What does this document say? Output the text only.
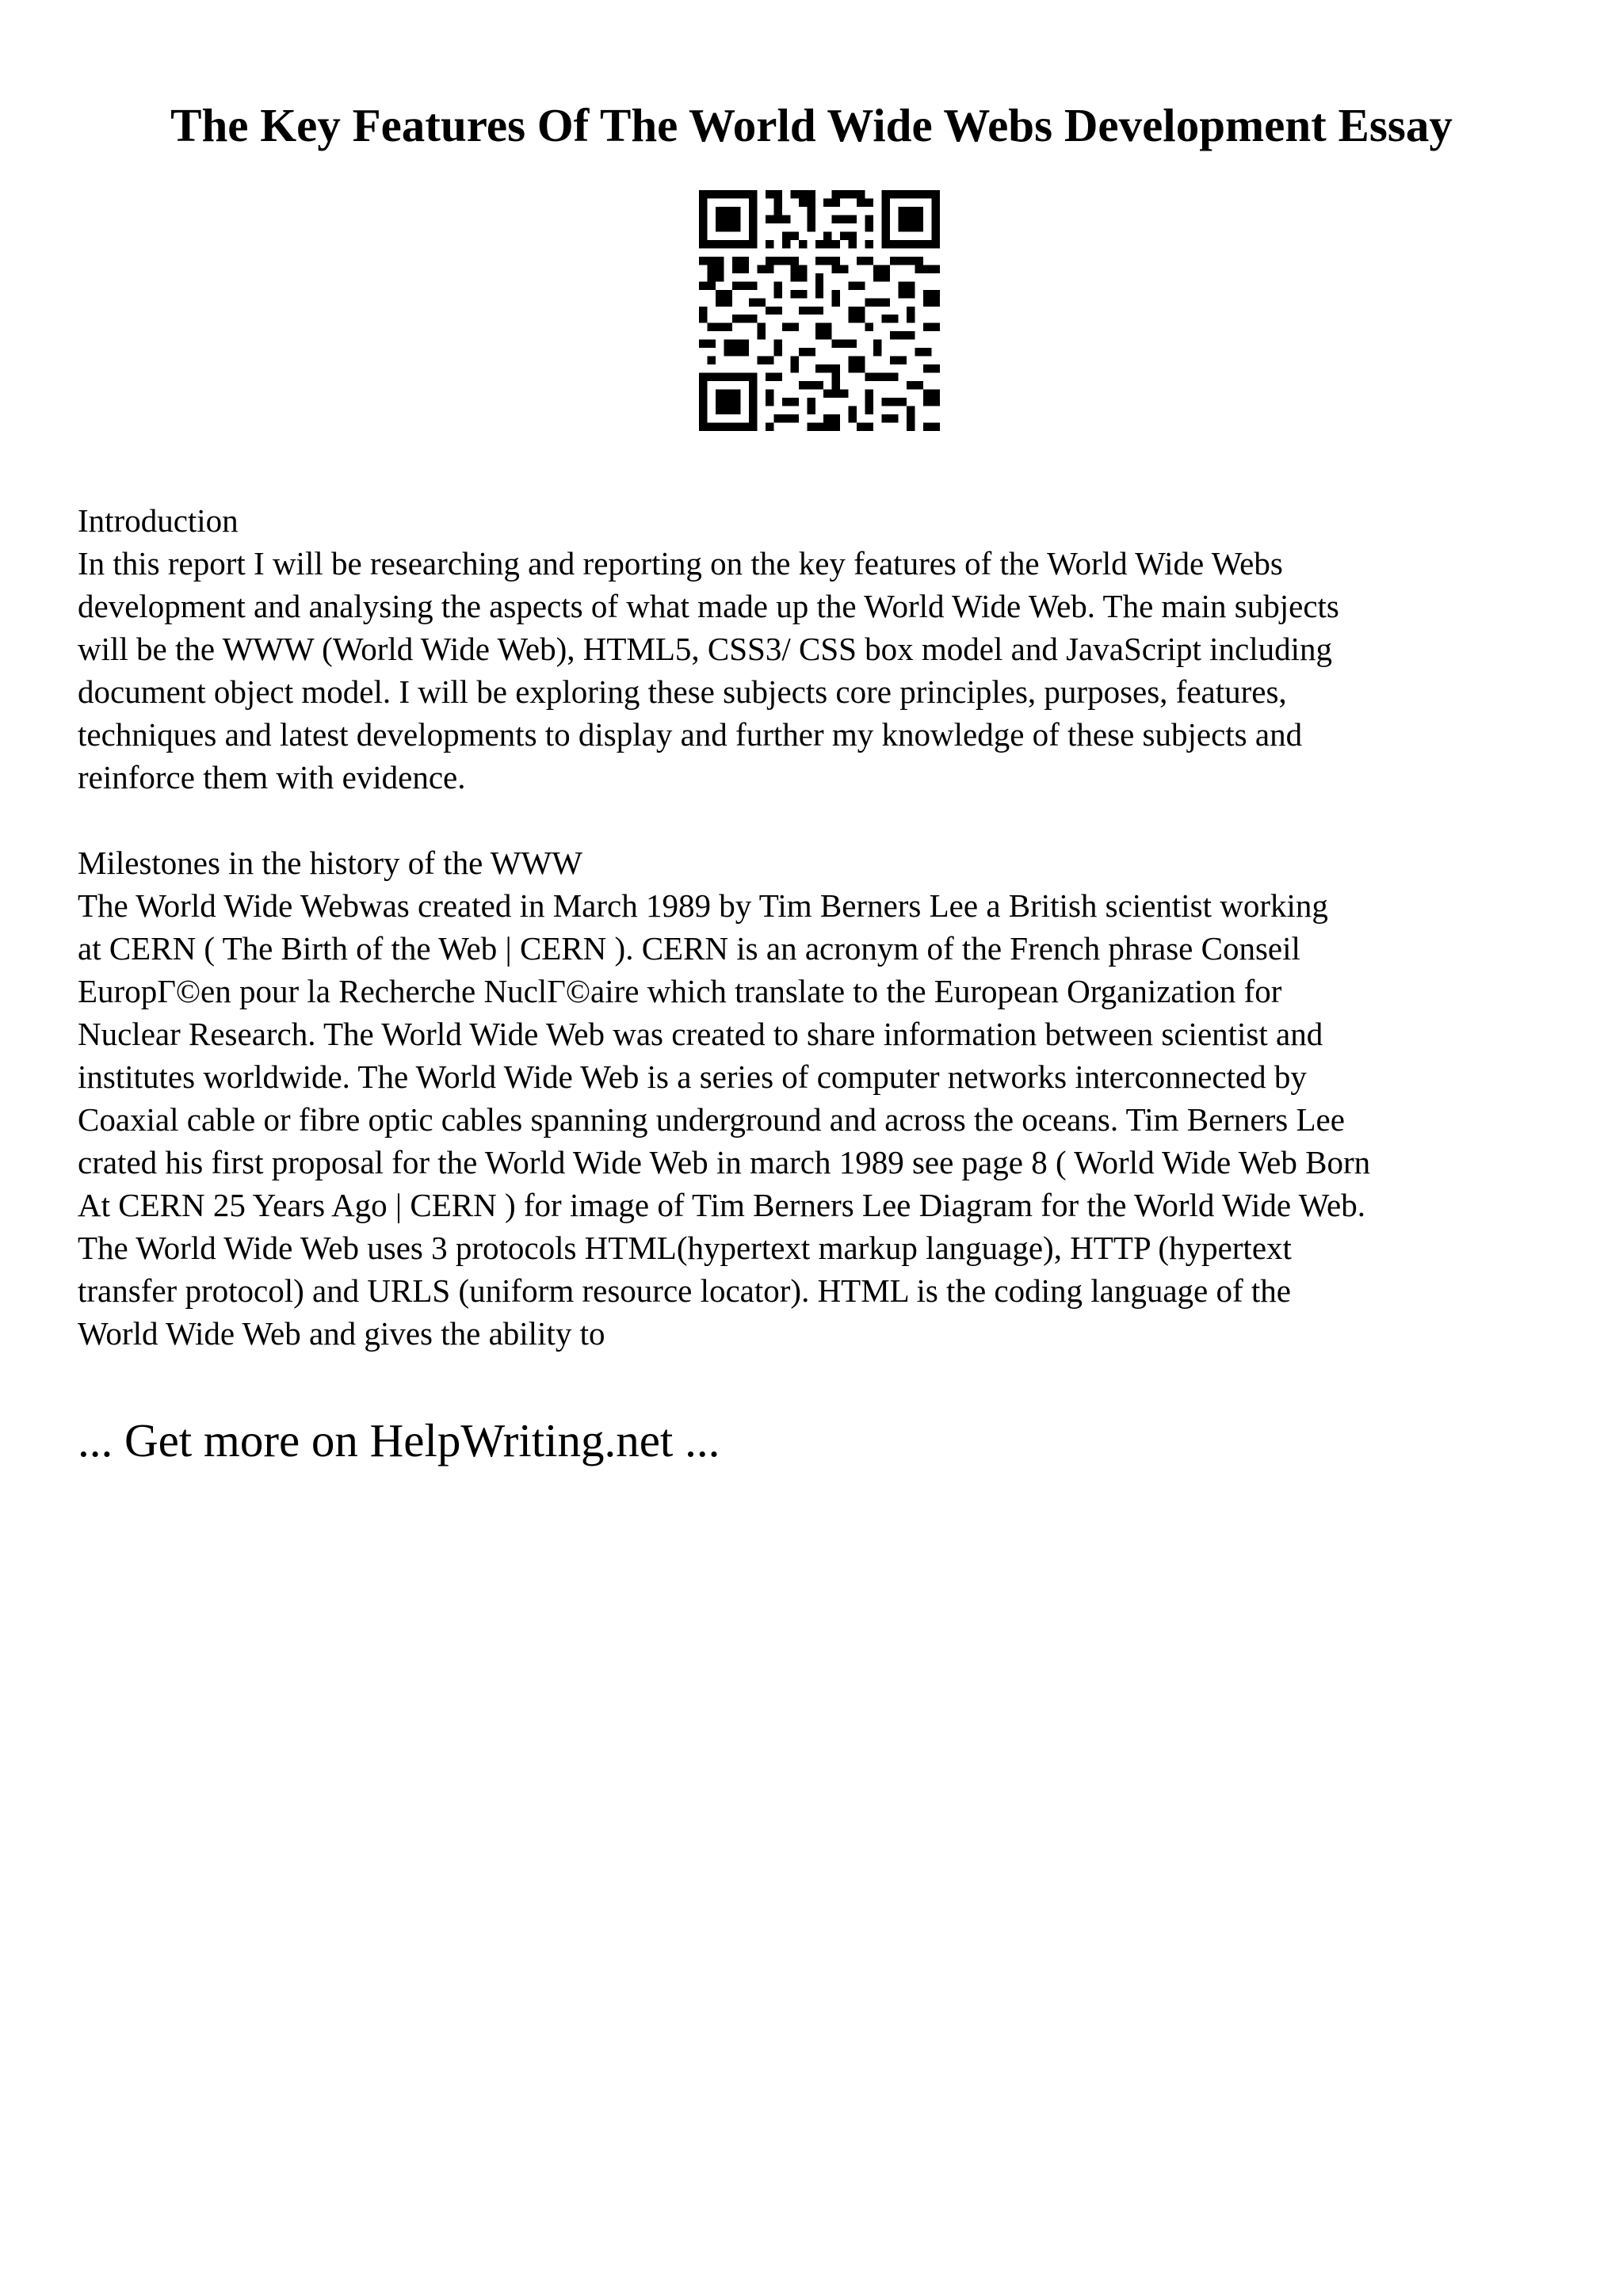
The Key Features Of The World Wide Webs Development Essay

Introduction

In this report I will be researching and reporting on the key features of the World Wide Webs
development and analysing the aspects of what made up the World Wide Web. The main subjects
will be the WWW (World Wide Web), HTML5, CSS3/ CSS box model and JavaScript including
document object model. I will be exploring these subjects core principles, purposes, features,
techniques and latest developments to display and further my knowledge of these subjects and
reinforce them with evidence.

Milestones in the history of the WWW

The World Wide Webwas created in March 1989 by Tim Berners Lee a British scientist working
at CERN ( The Birth of the Web | CERN ). CERN is an acronym of the French phrase Conseil
EuropΓ©en pour la Recherche NuclΓ©aire which translate to the European Organization for
Nuclear Research. The World Wide Web was created to share information between scientist and
institutes worldwide. The World Wide Web is a series of computer networks interconnected by
Coaxial cable or fibre optic cables spanning underground and across the oceans. Tim Berners Lee
crated his first proposal for the World Wide Web in march 1989 see page 8 ( World Wide Web Born
At CERN 25 Years Ago | CERN ) for image of Tim Berners Lee Diagram for the World Wide Web.
The World Wide Web uses 3 protocols HTML(hypertext markup language), HTTP (hypertext
transfer protocol) and URLS (uniform resource locator). HTML is the coding language of the
World Wide Web and gives the ability to

... Get more on HelpWriting.net ...
